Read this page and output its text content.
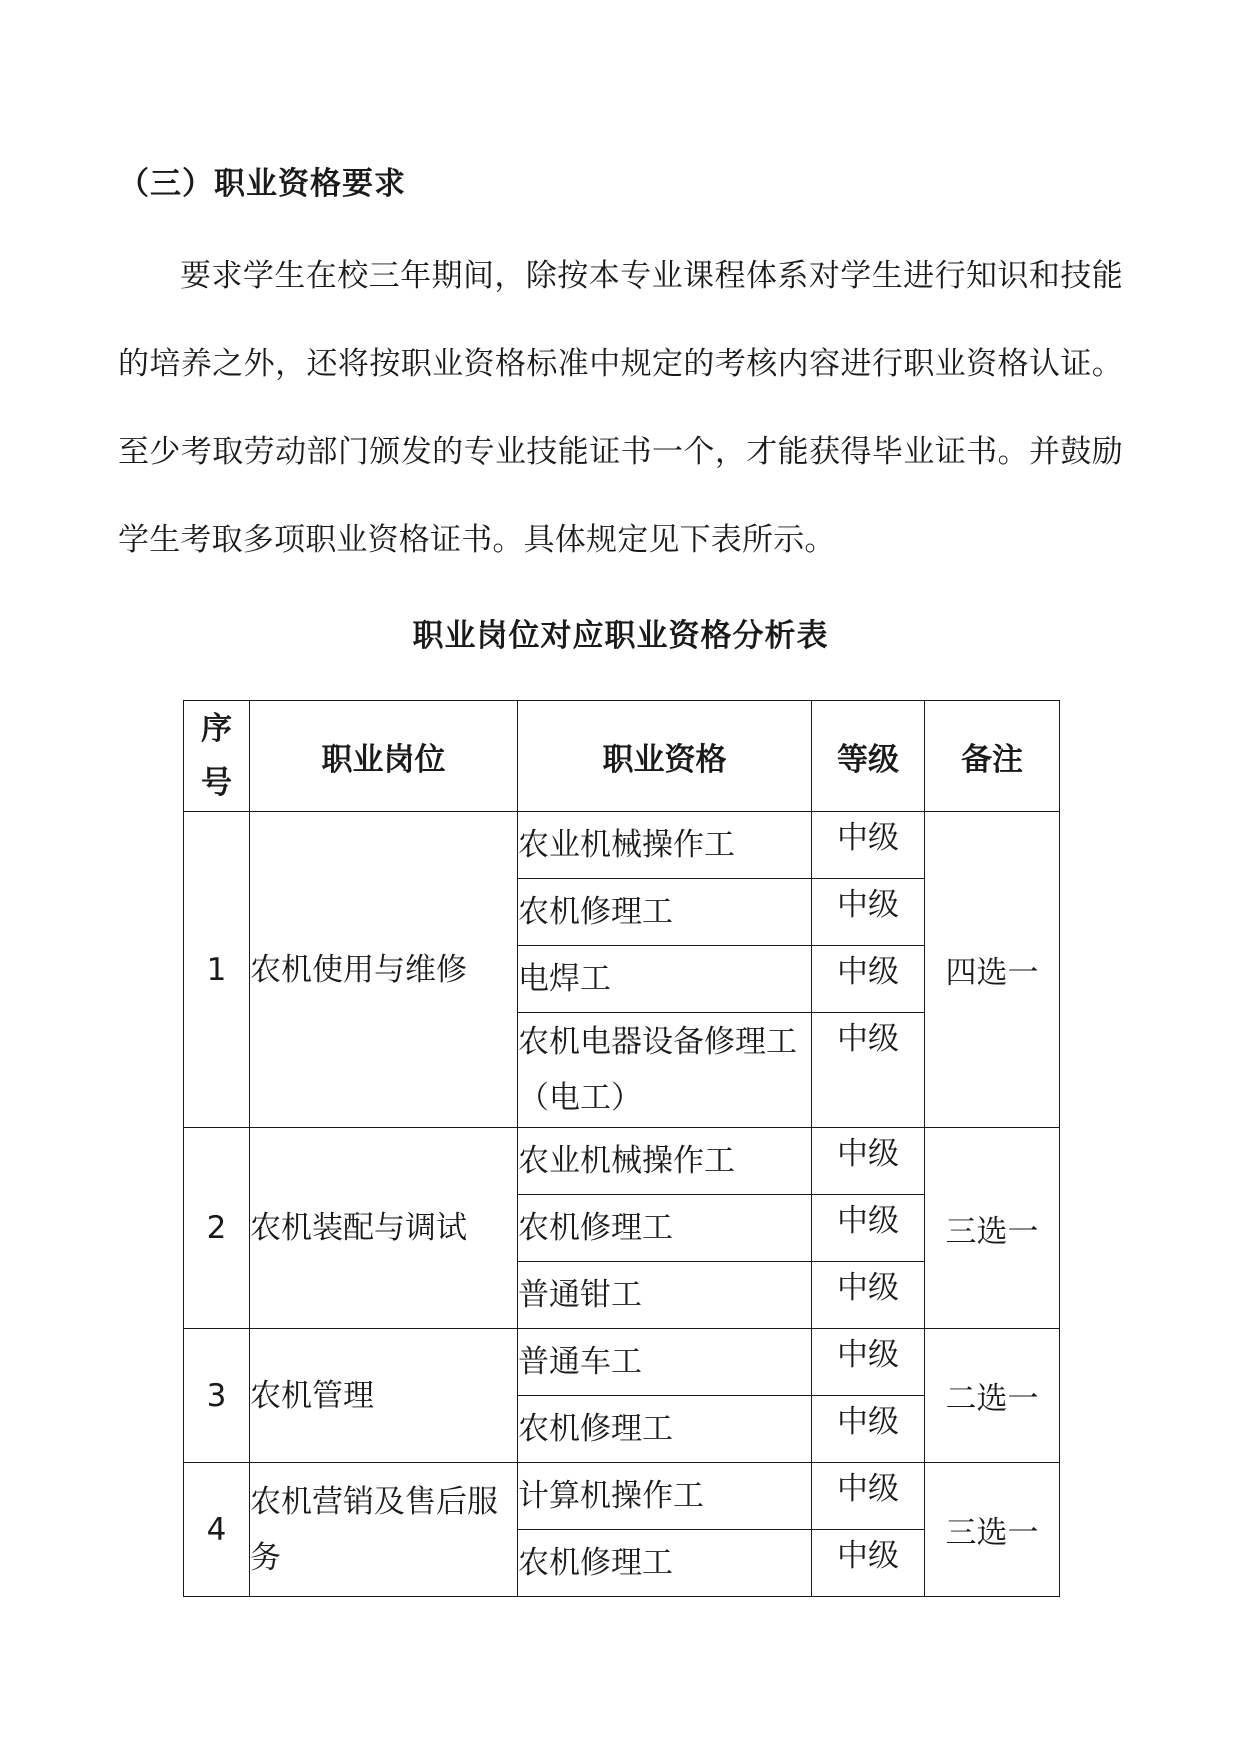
（三）职业资格要求

要求学生在校三年期间，除按本专业课程体系对学生进行知识和技能的培养之外，还将按职业资格标准中规定的考核内容进行职业资格认证。至少考取劳动部门颁发的专业技能证书一个，才能获得毕业证书。并鼓励学生考取多项职业资格证书。具体规定见下表所示。

职业岗位对应职业资格分析表
序
号	职业岗位	职业资格	等级	备注
1	农机使用与维修	农业机械操作工	中级	四选一
		农机修理工	中级	
		电焊工	中级	
		农机电器设备修理工（电工）	中级	
2	农机装配与调试	农业机械操作工	中级	三选一
		农机修理工	中级	
		普通钳工	中级	
3	农机管理	普通车工	中级	二选一
		农机修理工	中级	
4	农机营销及售后服务	计算机操作工	中级	三选一
		农机修理工	中级	
